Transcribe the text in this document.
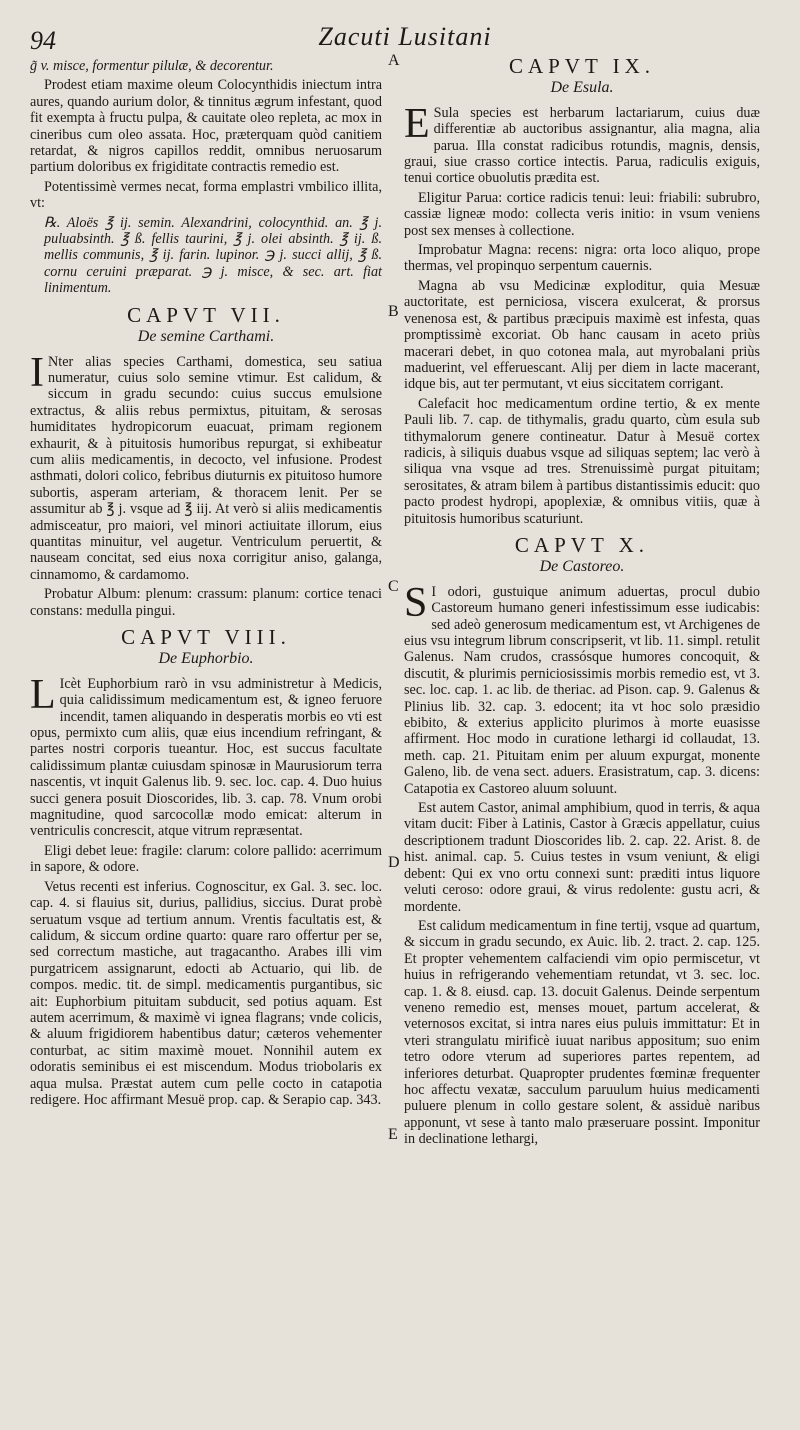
94	Zacuti Lusitani
A
B
C
D
E

g̃ v. misce, formentur pilulæ, & decorentur.

Prodest etiam maxime oleum Colocynthidis iniectum intra aures, quando aurium dolor, & tinnitus ægrum infestant, quod fit exempta à fructu pulpa, & cauitate oleo repleta, ac mox in cineribus cum oleo assata. Hoc, præterquam quòd canitiem retardat, & nigros capillos reddit, omnibus neruosarum partium doloribus ex frigiditate contractis remedio est.

Potentissimè vermes necat, forma emplastri vmbilico illita, vt:

℞. Aloës ℥ ij. semin. Alexandrini, colocynthid. an. ℥ j. puluabsinth. ℥ ß. fellis taurini, ℥ j. olei absinth. ℥ ij. ß. mellis communis, ℥ ij. farin. lupinor. ℈ j. succi allij, ℥ ß. cornu ceruini præparat. ℈ j. misce, & sec. art. fiat linimentum.

CAPVT VII.
De semine Carthami.

I Nter alias species Carthami, domestica, seu satiua numeratur, cuius solo semine vtimur. Est calidum, & siccum in gradu secundo: cuius succus emulsione extractus, & aliis rebus permixtus, pituitam, & serosas humiditates hydropicorum euacuat, primam regionem exhaurit, & à pituitosis humoribus repurgat, si exhibeatur cum aliis medicamentis, in decocto, vel infusione. Prodest asthmati, dolori colico, febribus diuturnis ex pituitoso humore subortis, asperam arteriam, & thoracem lenit. Per se assumitur ab ℥ j. vsque ad ℥ iij. At verò si aliis medicamentis admisceatur, pro maiori, vel minori actiuitate illorum, eius quantitas minuitur, vel augetur. Ventriculum peruertit, & nauseam concitat, sed eius noxa corrigitur aniso, galanga, cinnamomo, & cardamomo.

Probatur Album: plenum: crassum: planum: cortice tenaci constans: medulla pingui.

CAPVT VIII.
De Euphorbio.

L Icèt Euphorbium rarò in vsu administretur à Medicis, quia calidissimum medicamentum est, & igneo feruore incendit, tamen aliquando in desperatis morbis eo vti est opus, permixto cum aliis, quæ eius incendium refringant, & partes nostri corporis tueantur. Hoc, est succus facultate calidissimum plantæ cuiusdam spinosæ in Maurusiorum terra nascentis, vt inquit Galenus lib. 9. sec. loc. cap. 4. Duo huius succi genera posuit Dioscorides, lib. 3. cap. 78. Vnum orobi magnitudine, quod sarcocollæ modo emicat: alterum in ventriculis concrescit, atque vitrum repræsentat.

Eligi debet leue: fragile: clarum: colore pallido: acerrimum in sapore, & odore.

Vetus recenti est inferius. Cognoscitur, ex Gal. 3. sec. loc. cap. 4. si flauius sit, durius, pallidius, siccius. Durat probè seruatum vsque ad tertium annum. Vrentis facultatis est, & calidum, & siccum ordine quarto: quare raro offertur per se, sed correctum mastiche, aut tragacantho. Arabes illi vim purgatricem assignarunt, edocti ab Actuario, qui lib. de compos. medic. tit. de simpl. medicamentis purgantibus, sic ait: Euphorbium pituitam subducit, sed potius aquam. Est autem acerrimum, & maximè vi ignea flagrans; vnde colicis, & aluum frigidiorem habentibus datur; cæteros vehementer conturbat, ac sitim maximè mouet. Nonnihil autem ex odoratis seminibus ei est miscendum. Modus triobolaris ex aqua mulsa. Præstat autem cum pelle cocto in catapotia redigere. Hoc affirmant Mesuë prop. cap. & Serapio cap. 343.

CAPVT IX.
De Esula.

E Sula species est herbarum lactariarum, cuius duæ differentiæ ab auctoribus assignantur, alia magna, alia parua. Illa constat radicibus rotundis, magnis, densis, graui, siue crasso cortice intectis. Parua, radiculis exiguis, tenui cortice obuolutis prædita est.

Eligitur Parua: cortice radicis tenui: leui: friabili: subrubro, cassiæ ligneæ modo: collecta veris initio: in vsum veniens post sex menses à collectione.

Improbatur Magna: recens: nigra: orta loco aliquo, prope thermas, vel propinquo serpentum cauernis.

Magna ab vsu Medicinæ exploditur, quia Mesuæ auctoritate, est perniciosa, viscera exulcerat, & prorsus venenosa est, & partibus præcipuis maximè est infesta, quas promptissimè excoriat. Ob hanc causam in aceto priùs macerari debet, in quo cotonea mala, aut myrobalani priùs maduerint, vel efferuescant. Alij per diem in lacte macerant, idque bis, aut ter permutant, vt eius siccitatem corrigant.

Calefacit hoc medicamentum ordine tertio, & ex mente Pauli lib. 7. cap. de tithymalis, gradu quarto, cùm esula sub tithymalorum genere contineatur. Datur à Mesuë cortex radicis, à siliquis duabus vsque ad siliquas septem; lac verò à siliqua vna vsque ad tres. Strenuissimè purgat pituitam; serositates, & atram bilem à partibus distantissimis educit: quo pacto prodest hydropi, apoplexiæ, & omnibus vitiis, quæ à pituitosis humoribus scaturiunt.

CAPVT X.
De Castoreo.

S I odori, gustuique animum aduertas, procul dubio Castoreum humano generi infestissimum esse iudicabis: sed adeò generosum medicamentum est, vt Archigenes de eius vsu integrum librum conscripserit, vt lib. 11. simpl. retulit Galenus. Nam crudos, crassósque humores concoquit, & discutit, & plurimis perniciosissimis morbis remedio est, vt 3. sec. loc. cap. 1. ac lib. de theriac. ad Pison. cap. 9. Galenus & Plinius lib. 32. cap. 3. edocent; ita vt hoc solo præsidio ebibito, & exterius applicito plurimos à morte euasisse affirment. Hoc modo in curatione lethargi id collaudat, 13. meth. cap. 21. Pituitam enim per aluum expurgat, monente Galeno, lib. de vena sect. aduers. Erasistratum, cap. 3. dicens: Catapotia ex Castoreo aluum soluunt.

Est autem Castor, animal amphibium, quod in terris, & aqua vitam ducit: Fiber à Latinis, Castor à Græcis appellatur, cuius descriptionem tradunt Dioscorides lib. 2. cap. 22. Arist. 8. de hist. animal. cap. 5. Cuius testes in vsum veniunt, & eligi debent: Qui ex vno ortu connexi sunt: præditi intus liquore veluti ceroso: odore graui, & virus redolente: gustu acri, & mordente.

Est calidum medicamentum in fine tertij, vsque ad quartum, & siccum in gradu secundo, ex Auic. lib. 2. tract. 2. cap. 125. Et propter vehementem calfaciendi vim opio permiscetur, vt huius in refrigerando vehementiam retundat, vt 3. sec. loc. cap. 1. & 8. eiusd. cap. 13. docuit Galenus. Deinde serpentum veneno remedio est, menses mouet, partum accelerat, & veternosos excitat, si intra nares eius puluis immittatur: Et in vteri strangulatu mirificè iuuat naribus appositum; suo enim tetro odore vterum ad superiores partes repentem, ad inferiores deturbat. Quapropter prudentes fœminæ frequenter hoc affectu vexatæ, sacculum paruulum huius medicamenti puluere plenum in collo gestare solent, & assiduè naribus apponunt, vt sese à tanto malo præseruare possint. Imponitur in declinatione lethargi,
